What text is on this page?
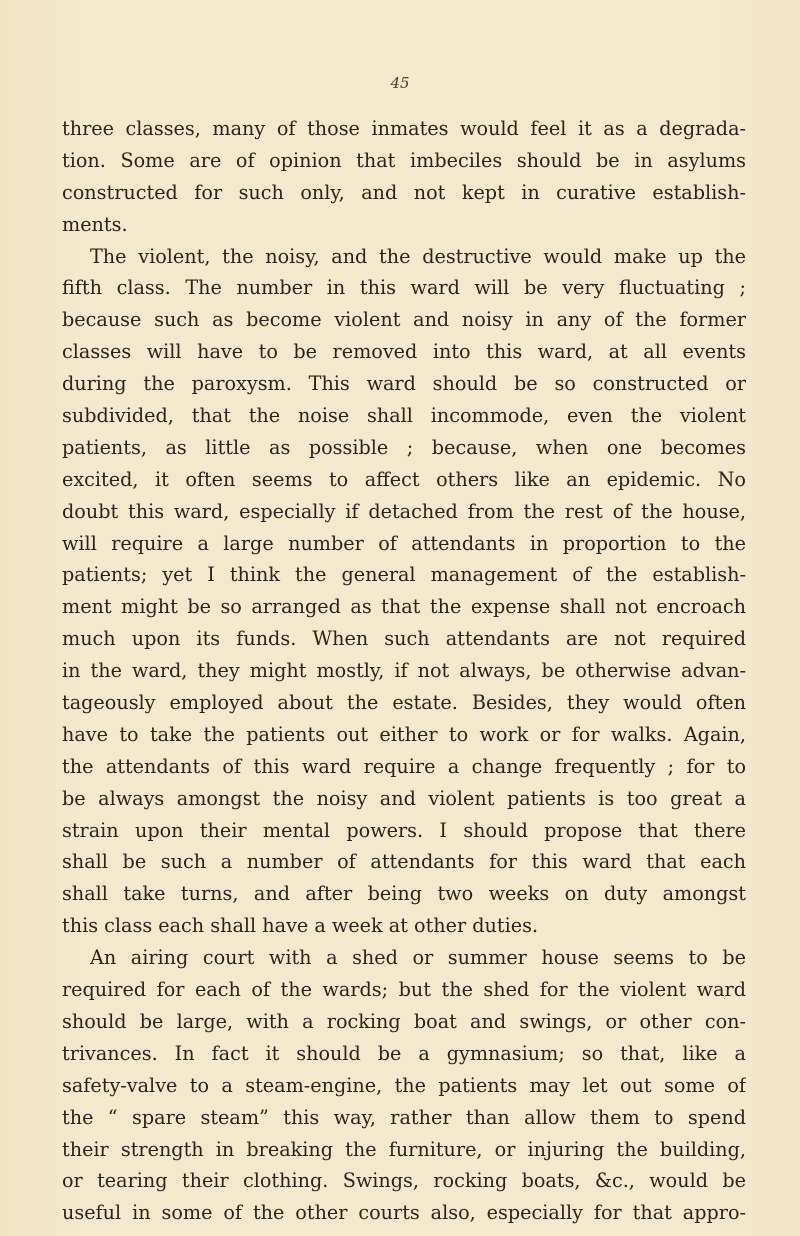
45
three classes, many of those inmates would feel it as a degrada-
tion. Some are of opinion that imbeciles should be in asylums
constructed for such only, and not kept in curative establish-
ments.
The violent, the noisy, and the destructive would make up the
fifth class. The number in this ward will be very fluctuating ;
because such as become violent and noisy in any of the former
classes will have to be removed into this ward, at all events
during the paroxysm. This ward should be so constructed or
subdivided, that the noise shall incommode, even the violent
patients, as little as possible ; because, when one becomes
excited, it often seems to affect others like an epidemic. No
doubt this ward, especially if detached from the rest of the house,
will require a large number of attendants in proportion to the
patients; yet I think the general management of the establish-
ment might be so arranged as that the expense shall not encroach
much upon its funds. When such attendants are not required
in the ward, they might mostly, if not always, be otherwise advan-
tageously employed about the estate. Besides, they would often
have to take the patients out either to work or for walks. Again,
the attendants of this ward require a change frequently ; for to
be always amongst the noisy and violent patients is too great a
strain upon their mental powers. I should propose that there
shall be such a number of attendants for this ward that each
shall take turns, and after being two weeks on duty amongst
this class each shall have a week at other duties.
An airing court with a shed or summer house seems to be
required for each of the wards; but the shed for the violent ward
should be large, with a rocking boat and swings, or other con-
trivances. In fact it should be a gymnasium; so that, like a
safety-valve to a steam-engine, the patients may let out some of
the “ spare steam” this way, rather than allow them to spend
their strength in breaking the furniture, or injuring the building,
or tearing their clothing. Swings, rocking boats, &c., would be
useful in some of the other courts also, especially for that appro-
